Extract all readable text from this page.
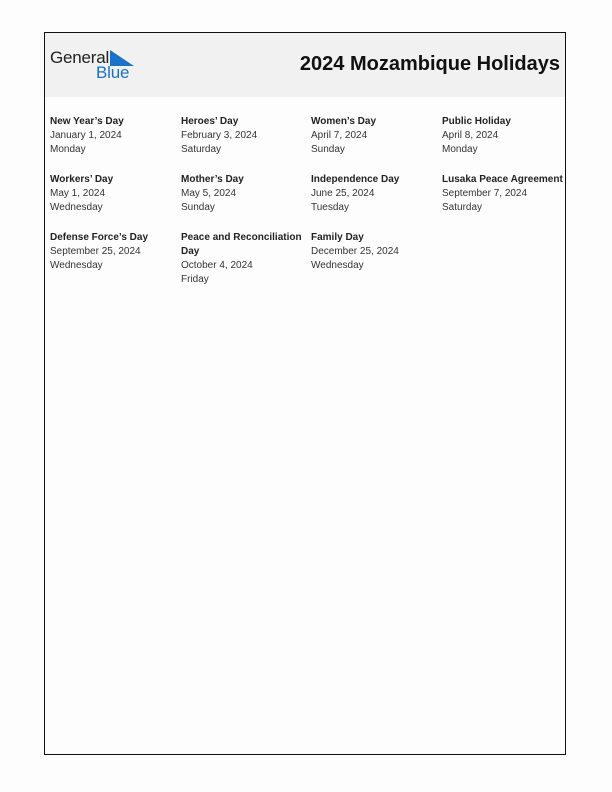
General
Blue	2024 Mozambique Holidays
New Year’s Day
January 1, 2024
Monday
Heroes’ Day
February 3, 2024
Saturday
Women’s Day
April 7, 2024
Sunday
Public Holiday
April 8, 2024
Monday
Workers’ Day
May 1, 2024
Wednesday
Mother’s Day
May 5, 2024
Sunday
Independence Day
June 25, 2024
Tuesday
Lusaka Peace Agreement
September 7, 2024
Saturday
Defense Force’s Day
September 25, 2024
Wednesday
Peace and Reconciliation Day
October 4, 2024
Friday
Family Day
December 25, 2024
Wednesday
